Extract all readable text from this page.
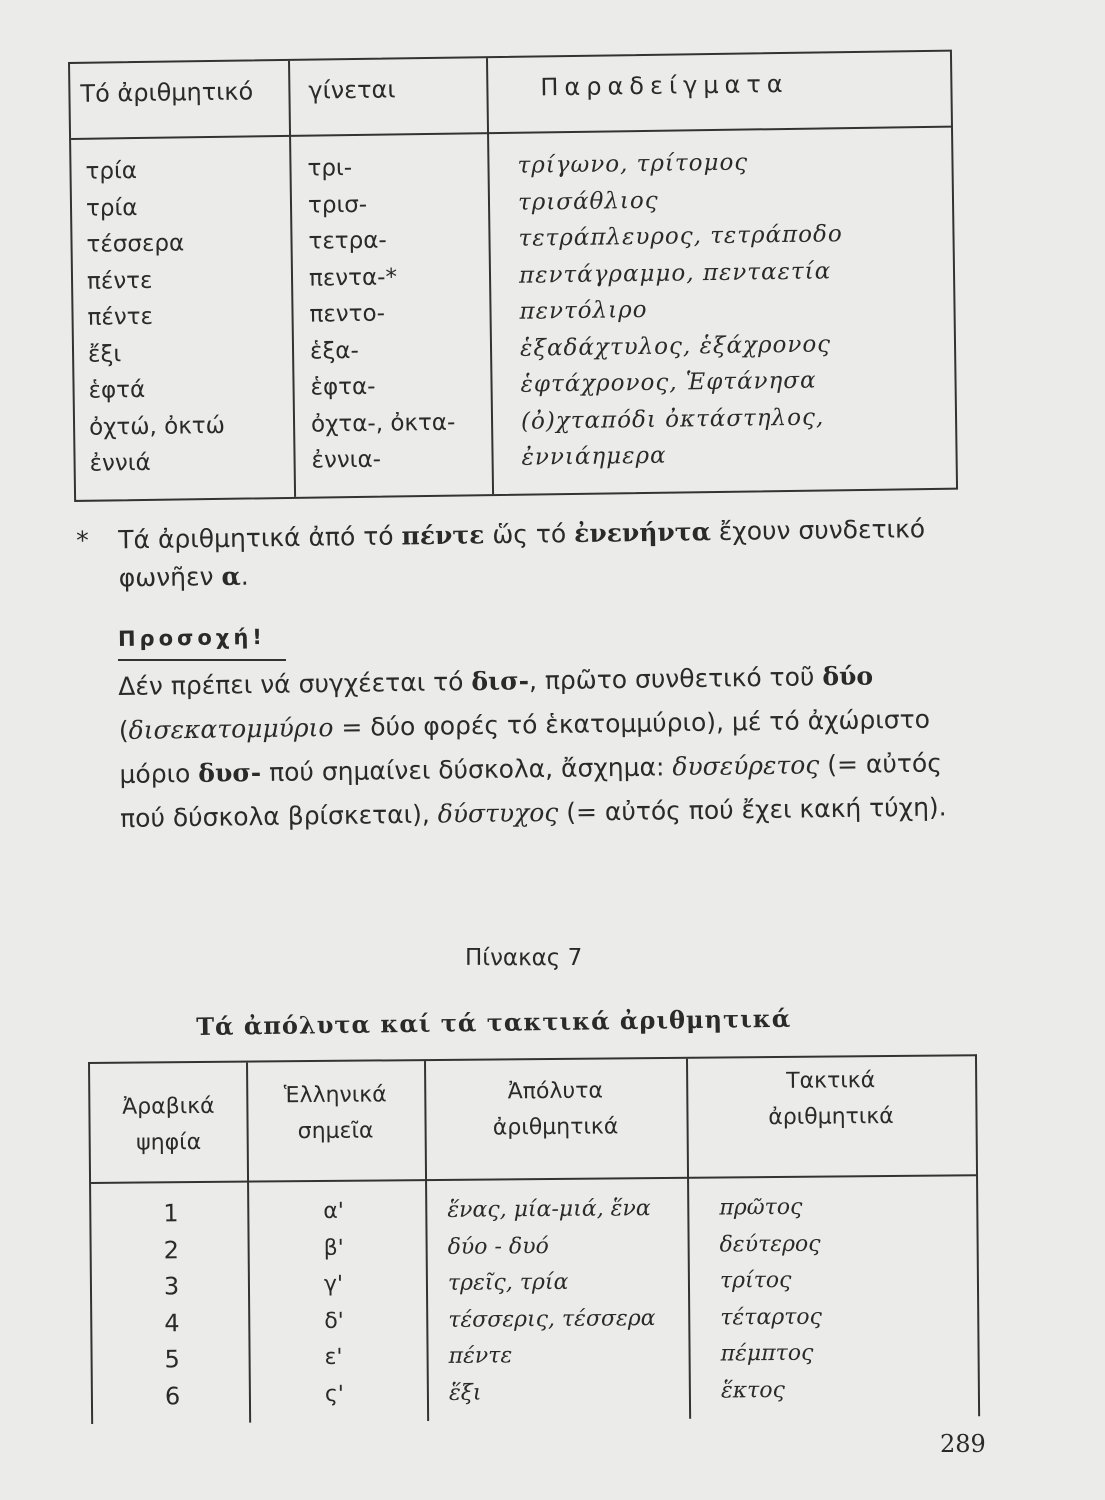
Τό ἀριθμητικό γίνεται	Παραδείγματα
τρία
τρία
τέσσερα
πέντε
πέντε
ἔξι
ἑφτά
ὀχτώ, ὀκτώ
ἐννιά
τρι-
τρισ-
τετρα-
πεντα-*
πεντο-
ἑξα-
ἑφτα-
ὀχτα-, ὀκτα-
ἐννια-
τρίγωνο, τρίτομος
τρισάθλιος
τετράπλευρος, τετράποδο
πεντάγραμμο, πενταετία
πεντόλιρο
ἑξαδάχτυλος, ἑξάχρονος
ἑφτάχρονος, Ἑφτάνησα
(ὀ)χταπόδι ὀκτάστηλος,
ἐννιάημερα
* Τά ἀριθμητικά ἀπό τό πέντε ὥς τό ἐνενήντα ἔχουν συνδετικό φωνῆεν α.
Προσοχή!
Δέν πρέπει νά συγχέεται τό δισ-, πρῶτο συνθετικό τοῦ δύο (δισεκατομμύριο = δύο φορές τό ἑκατομμύριο), μέ τό ἀχώριστο μόριο δυσ- πού σημαίνει δύσκολα, ἄσχημα: δυσεύρετος (= αὐτός πού δύσκολα βρίσκεται), δύστυχος (= αὐτός πού ἔχει κακή τύχη).
Πίνακας 7
Τά ἀπόλυτα καί τά τακτικά ἀριθμητικά
Ἀραβικά
ψηφία
Ἑλληνικά
σημεῖα
Ἀπόλυτα
ἀριθμητικά
Τακτικά
ἀριθμητικά
1
2
3
4
5
6
α'
β'
γ'
δ'
ε'
ς'
ἕνας, μία-μιά, ἕνα
δύο - δυό
τρεῖς, τρία
τέσσερις, τέσσερα
πέντε
ἕξι
πρῶτος
δεύτερος
τρίτος
τέταρτος
πέμπτος
ἕκτος
289
